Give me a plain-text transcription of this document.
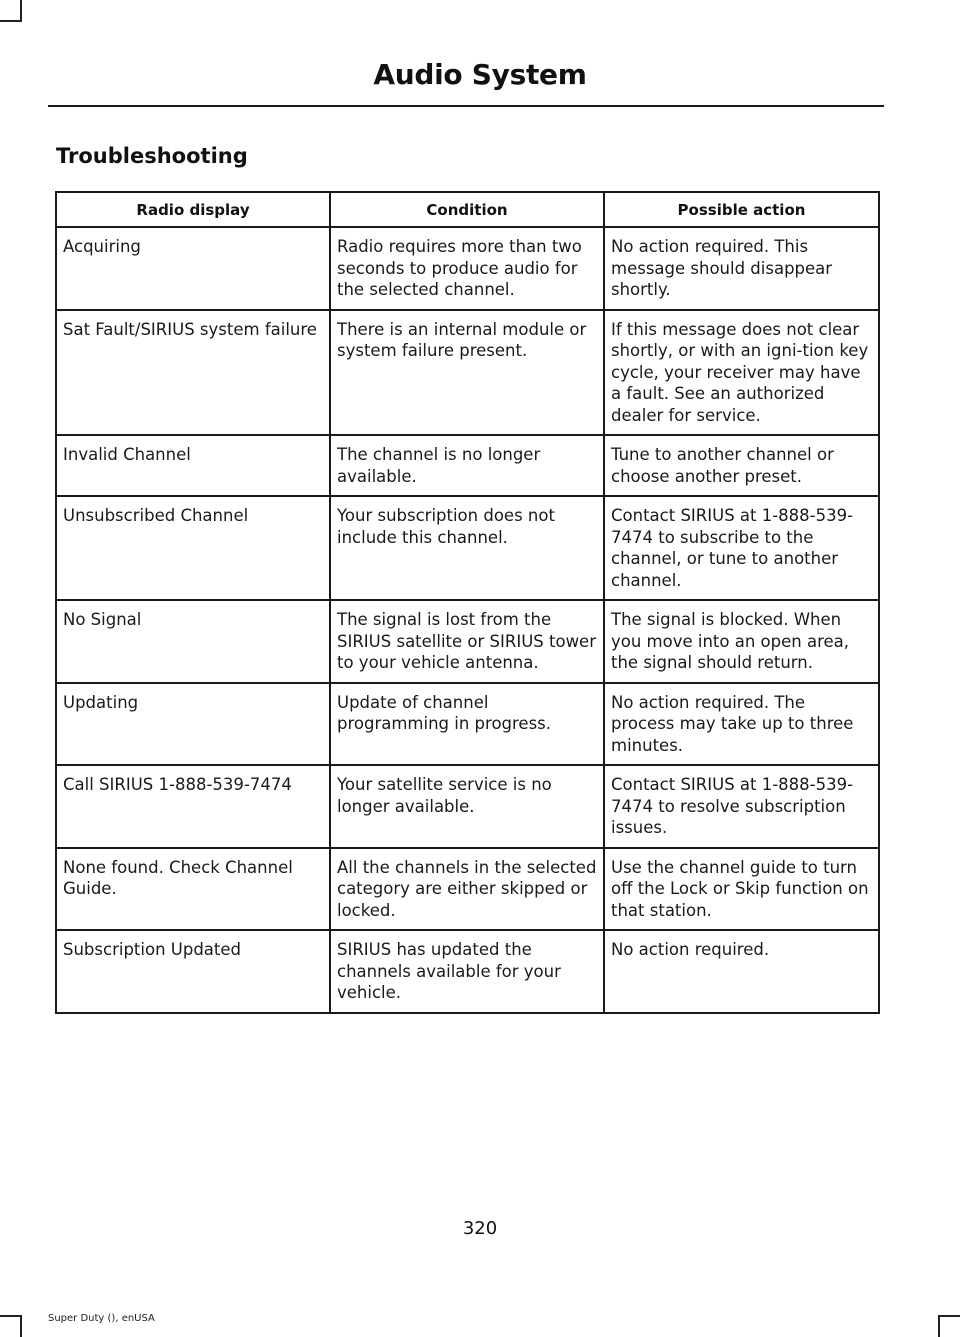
Audio System
Troubleshooting
Radio display	Condition	Possible action
Acquiring	Radio requires more than two seconds to produce audio for the selected channel.	No action required. This message should disappear shortly.
Sat Fault/SIRIUS system failure	There is an internal module or system failure present.	If this message does not clear shortly, or with an igni-tion key cycle, your receiver may have a fault. See an authorized dealer for service.
Invalid Channel	The channel is no longer available.	Tune to another channel or choose another preset.
Unsubscribed Channel	Your subscription does not include this channel.	Contact SIRIUS at 1-888-539-7474 to subscribe to the channel, or tune to another channel.
No Signal	The signal is lost from the SIRIUS satellite or SIRIUS tower to your vehicle antenna.	The signal is blocked. When you move into an open area, the signal should return.
Updating	Update of channel programming in progress.	No action required. The process may take up to three minutes.
Call SIRIUS 1-888-539-7474	Your satellite service is no longer available.	Contact SIRIUS at 1-888-539-7474 to resolve subscription issues.
None found. Check Channel Guide.	All the channels in the selected category are either skipped or locked.	Use the channel guide to turn off the Lock or Skip function on that station.
Subscription Updated	SIRIUS has updated the channels available for your vehicle.	No action required.
320
Super Duty (), enUSA
